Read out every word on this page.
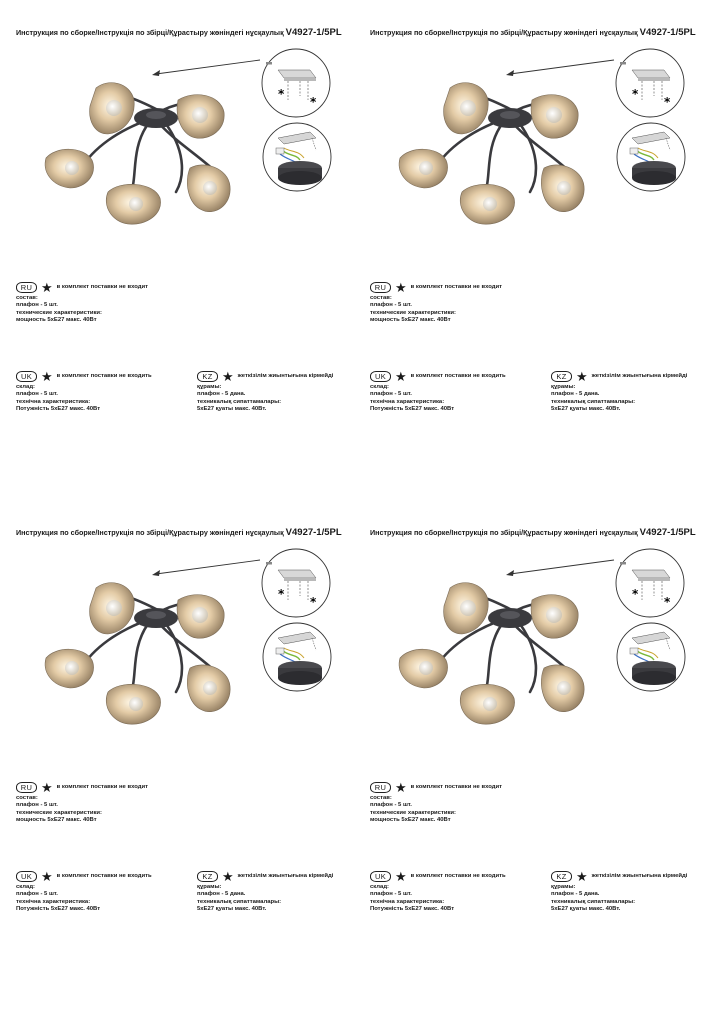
Инструкция по сборке/Інструкція по збірці/Құрастыру жөніндегі нұсқаулық V4927-1/5PL
*
*
RU ★ в комплект поставки не входит
состав:
плафон - 5 шт.
технические характеристики:
мощность 5хЕ27 макс. 40Вт
UK ★ в комплект поставки не входить
склад:
плафон - 5 шт.
технічна характеристика:
Потужність 5хЕ27 макс. 40Вт
KZ ★ жеткізілім жиынтығына кірмейді
құрамы:
плафон - 5 дана.
техникалық сипаттамалары:
5хЕ27 қуаты макс. 40Вт.
Инструкция по сборке/Інструкція по збірці/Құрастыру жөніндегі нұсқаулық V4927-1/5PL
*
*
RU ★ в комплект поставки не входит
состав:
плафон - 5 шт.
технические характеристики:
мощность 5хЕ27 макс. 40Вт
UK ★ в комплект поставки не входить
склад:
плафон - 5 шт.
технічна характеристика:
Потужність 5хЕ27 макс. 40Вт
KZ ★ жеткізілім жиынтығына кірмейді
құрамы:
плафон - 5 дана.
техникалық сипаттамалары:
5хЕ27 қуаты макс. 40Вт.
Инструкция по сборке/Інструкція по збірці/Құрастыру жөніндегі нұсқаулық V4927-1/5PL
*
*
RU ★ в комплект поставки не входит
состав:
плафон - 5 шт.
технические характеристики:
мощность 5хЕ27 макс. 40Вт
UK ★ в комплект поставки не входить
склад:
плафон - 5 шт.
технічна характеристика:
Потужність 5хЕ27 макс. 40Вт
KZ ★ жеткізілім жиынтығына кірмейді
құрамы:
плафон - 5 дана.
техникалық сипаттамалары:
5хЕ27 қуаты макс. 40Вт.
Инструкция по сборке/Інструкція по збірці/Құрастыру жөніндегі нұсқаулық V4927-1/5PL
*
*
RU ★ в комплект поставки не входит
состав:
плафон - 5 шт.
технические характеристики:
мощность 5хЕ27 макс. 40Вт
UK ★ в комплект поставки не входить
склад:
плафон - 5 шт.
технічна характеристика:
Потужність 5хЕ27 макс. 40Вт
KZ ★ жеткізілім жиынтығына кірмейді
құрамы:
плафон - 5 дана.
техникалық сипаттамалары:
5хЕ27 қуаты макс. 40Вт.
